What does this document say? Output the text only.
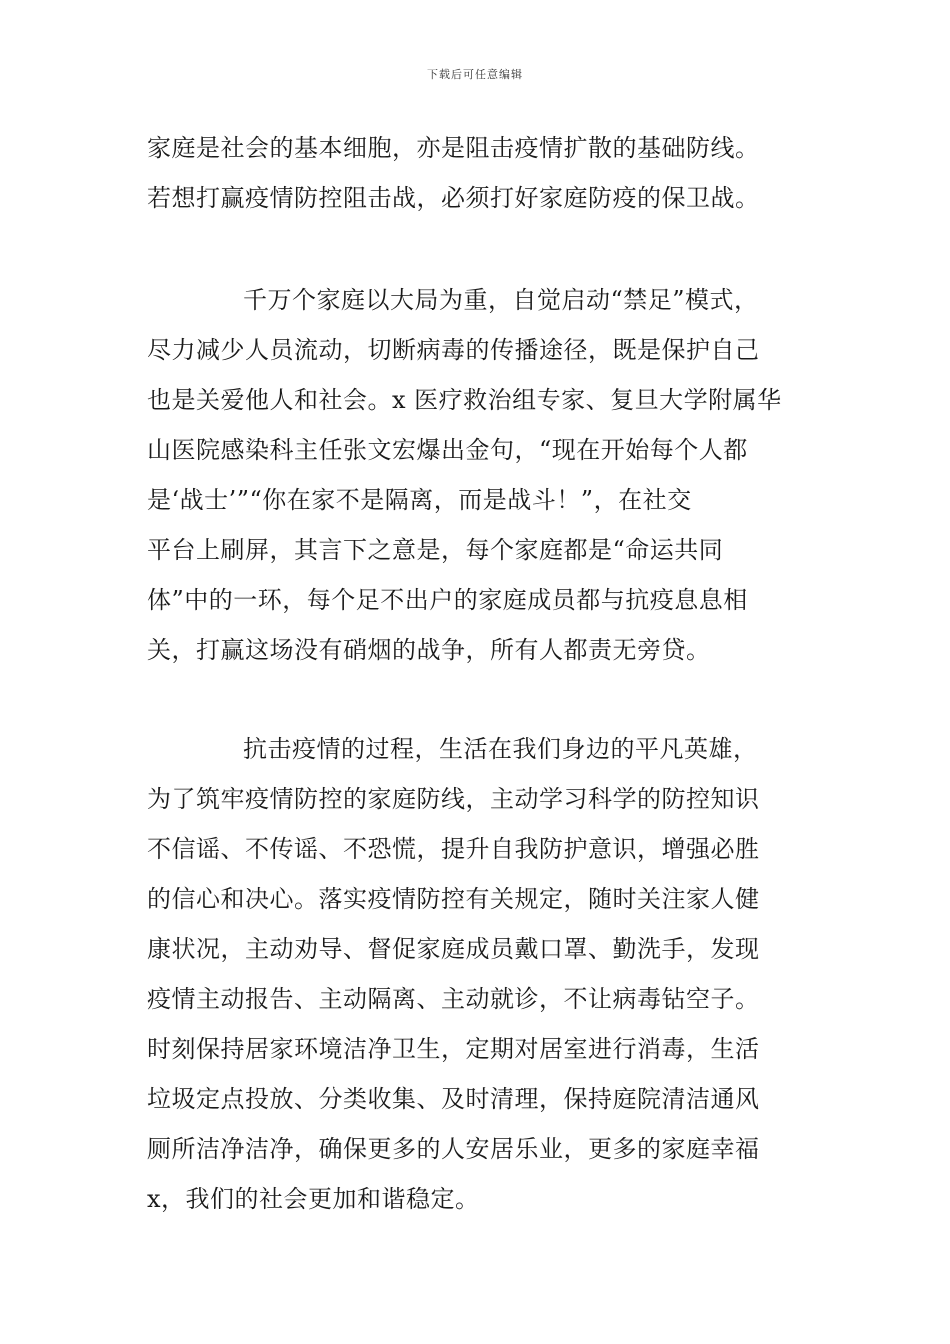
下载后可任意编辑
家庭是社会的基本细胞，亦是阻击疫情扩散的基础防线。
若想打赢疫情防控阻击战，必须打好家庭防疫的保卫战。
千万个家庭以大局为重，自觉启动“禁足”模式，
尽力减少人员流动，切断病毒的传播途径，既是保护自己
也是关爱他人和社会。x 医疗救治组专家、复旦大学附属华
山医院感染科主任张文宏爆出金句，“现在开始每个人都
是‘战士’”“你在家不是隔离，而是战斗！”，在社交
平台上刷屏，其言下之意是，每个家庭都是“命运共同
体”中的一环，每个足不出户的家庭成员都与抗疫息息相
关，打赢这场没有硝烟的战争，所有人都责无旁贷。
抗击疫情的过程，生活在我们身边的平凡英雄，
为了筑牢疫情防控的家庭防线，主动学习科学的防控知识
不信谣、不传谣、不恐慌，提升自我防护意识，增强必胜
的信心和决心。落实疫情防控有关规定，随时关注家人健
康状况，主动劝导、督促家庭成员戴口罩、勤洗手，发现
疫情主动报告、主动隔离、主动就诊，不让病毒钻空子。
时刻保持居家环境洁净卫生，定期对居室进行消毒，生活
垃圾定点投放、分类收集、及时清理，保持庭院清洁通风
厕所洁净洁净，确保更多的人安居乐业，更多的家庭幸福
x，我们的社会更加和谐稳定。
